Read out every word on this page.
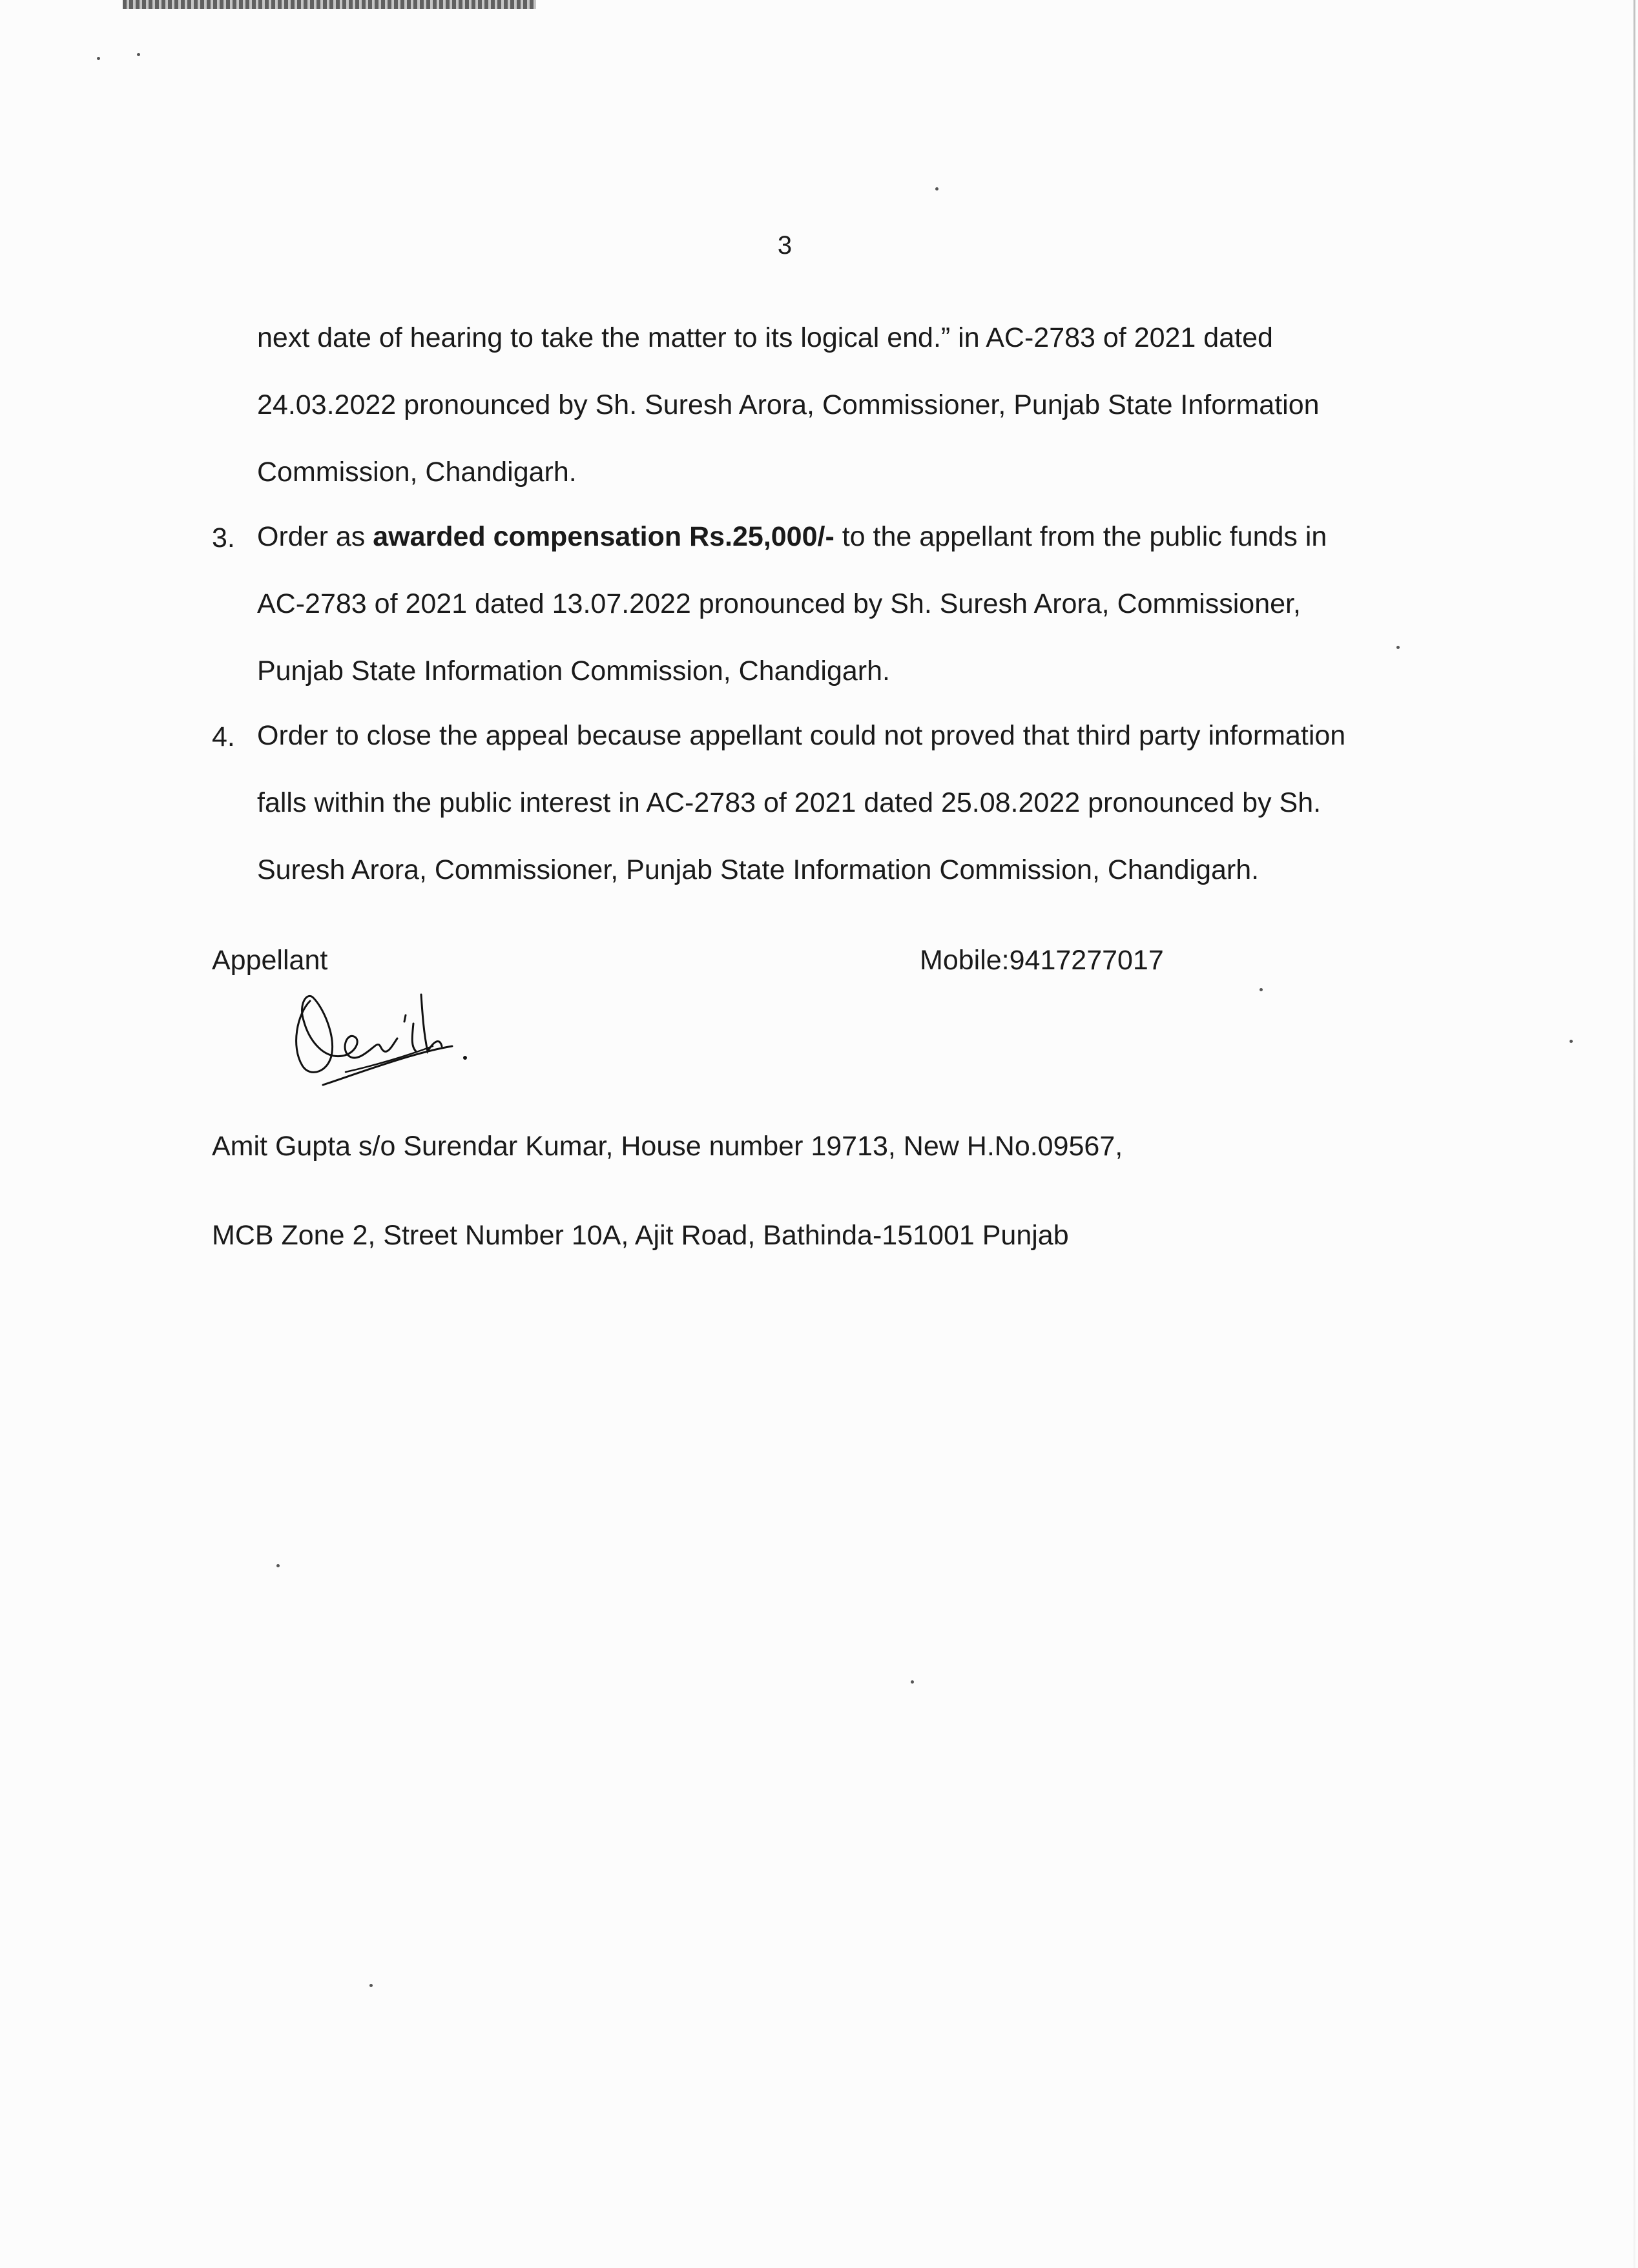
3
next date of hearing to take the matter to its logical end.” in AC-2783 of 2021 dated
24.03.2022 pronounced by Sh. Suresh Arora, Commissioner, Punjab State Information
Commission, Chandigarh.
3. Order as awarded compensation Rs.25,000/- to the appellant from the public funds in
AC-2783 of 2021 dated 13.07.2022 pronounced by Sh. Suresh Arora, Commissioner,
Punjab State Information Commission, Chandigarh.
4. Order to close the appeal because appellant could not proved that third party information
falls within the public interest in AC-2783 of 2021 dated 25.08.2022 pronounced by Sh.
Suresh Arora, Commissioner, Punjab State Information Commission, Chandigarh.
Appellant	Mobile:9417277017
Amit Gupta s/o Surendar Kumar, House number 19713, New H.No.09567,
MCB Zone 2, Street Number 10A, Ajit Road, Bathinda-151001 Punjab
